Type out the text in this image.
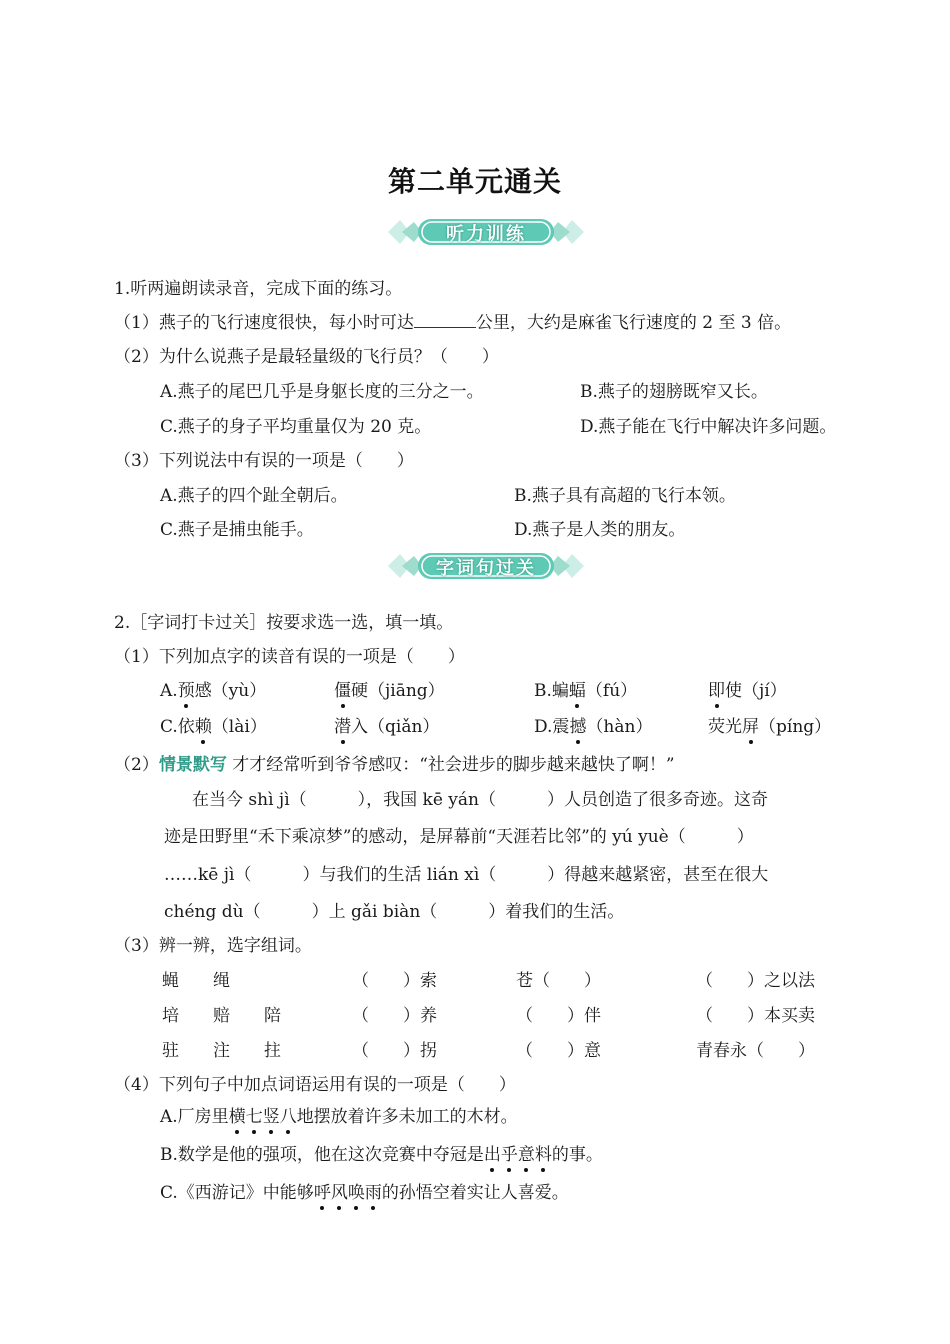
第二单元通关
听力训练
1.听两遍朗读录音，完成下面的练习。
（1）燕子的飞行速度很快，每小时可达	公里，大约是麻雀飞行速度的 2 至 3 倍。
（2）为什么说燕子是最轻量级的飞行员？（　　）
A.燕子的尾巴几乎是身躯长度的三分之一。	B.燕子的翅膀既窄又长。
C.燕子的身子平均重量仅为 20 克。	D.燕子能在飞行中解决许多问题。
（3）下列说法中有误的一项是（　　）
A.燕子的四个趾全朝后。	B.燕子具有高超的飞行本领。
C.燕子是捕虫能手。	D.燕子是人类的朋友。
字词句过关
2.［字词打卡过关］按要求选一选，填一填。
（1）下列加点字的读音有误的一项是（　　）
A.预感（yù）	僵硬（jiāng）	B.蝙蝠（fú）	即使（jí）
C.依赖（lài）	潜入（qiǎn）	D.震撼（hàn）	荧光屏（píng）
（2）情景默写 才才经常听到爷爷感叹：“社会进步的脚步越来越快了啊！”
在当今 shì jì（　　　），我国 kē yán（　　　）人员创造了很多奇迹。这奇
迹是田野里“禾下乘凉梦”的感动，是屏幕前“天涯若比邻”的 yú yuè（　　　）
……kē jì（　　　）与我们的生活 lián xì（　　　）得越来越紧密，甚至在很大
chéng dù（　　　）上 gǎi biàn（　　　）着我们的生活。
（3）辨一辨，选字组词。
蝇　　绳	（　　）索	苍（　　）	（　　）之以法
培　　赔　　陪	（　　）养	（　　）伴	（　　）本买卖
驻　　注　　拄	（　　）拐	（　　）意	青春永（　　）
（4）下列句子中加点词语运用有误的一项是（　　）
A.厂房里横七竖八地摆放着许多未加工的木材。
B.数学是他的强项，他在这次竞赛中夺冠是出乎意料的事。
C.《西游记》中能够呼风唤雨的孙悟空着实让人喜爱。
